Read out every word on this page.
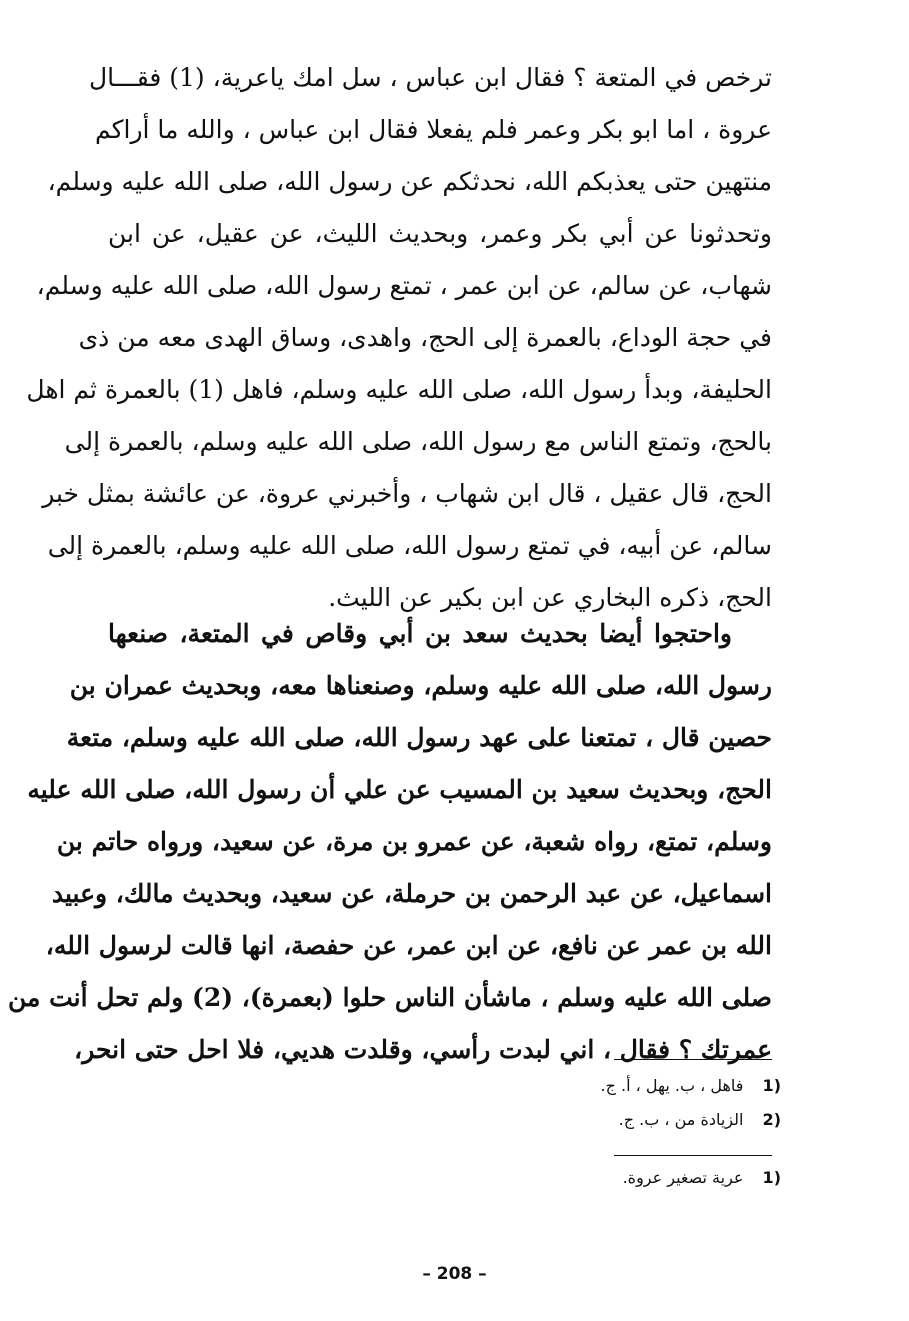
ترخص في المتعة ؟ فقال ابن عباس ، سل امك ياعرية، (1) فقـــال
عروة ، اما ابو بكر وعمر فلم يفعلا فقال ابن عباس ، والله ما أراكم
منتهين حتى يعذبكم الله، نحدثكم عن رسول الله، صلى الله عليه وسلم،
وتحدثونا عن أبي بكر وعمر، وبحديث الليث، عن عقيل، عن ابن
شهاب، عن سالم، عن ابن عمر ، تمتع رسول الله، صلى الله عليه وسلم،
في حجة الوداع، بالعمرة إلى الحج، واهدى، وساق الهدى معه من ذى
الحليفة، وبدأ رسول الله، صلى الله عليه وسلم، فاهل (1) بالعمرة ثم اهل
بالحج، وتمتع الناس مع رسول الله، صلى الله عليه وسلم، بالعمرة إلى
الحج، قال عقيل ، قال ابن شهاب ، وأخبرني عروة، عن عائشة بمثل خبر
سالم، عن أبيه، في تمتع رسول الله، صلى الله عليه وسلم، بالعمرة إلى
الحج، ذكره البخاري عن ابن بكير عن الليث.
واحتجوا أيضا بحديث سعد بن أبي وقاص في المتعة، صنعها
رسول الله، صلى الله عليه وسلم، وصنعناها معه، وبحديث عمران بن
حصين قال ، تمتعنا على عهد رسول الله، صلى الله عليه وسلم، متعة
الحج، وبحديث سعيد بن المسيب عن علي أن رسول الله، صلى الله عليه
وسلم، تمتع، رواه شعبة، عن عمرو بن مرة، عن سعيد، ورواه حاتم بن
اسماعيل، عن عبد الرحمن بن حرملة، عن سعيد، وبحديث مالك، وعبيد
الله بن عمر عن نافع، عن ابن عمر، عن حفصة، انها قالت لرسول الله،
صلى الله عليه وسلم ، ماشأن الناس حلوا (بعمرة)، (2) ولم تحل أنت من
عمرتك ؟ فقال ، اني لبدت رأسي، وقلدت هديي، فلا احل حتى انحر،
(1 فاهل ، ب. يهل ، أ. ج.
(2 الزيادة من ، ب. ج.
(1 عرية تصغير عروة.
– 208 –
